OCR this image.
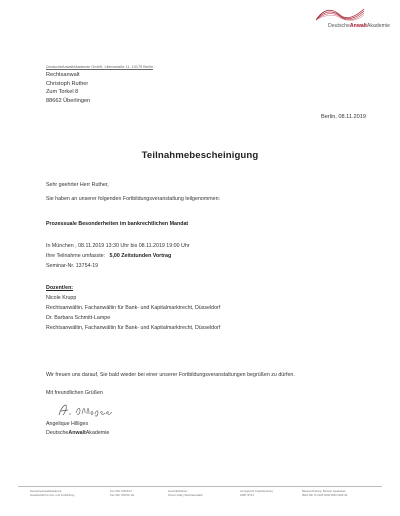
DeutscheAnwaltAkademie
DeutscheAnwaltAkademie GmbH, Littenstraße 11, 10179 Berlin
Rechtsanwalt
Christoph Ruther
Zum Torkel 8
88662 Überlingen
Berlin, 08.11.2019
Teilnahmebescheinigung
Sehr geehrter Herr Ruther,
Sie haben an unserer folgenden Fortbildungsveranstaltung teilgenommen:
Prozessuale Besonderheiten im bankrechtlichen Mandat
In München , 08.11.2019 13:30 Uhr bis 08.11.2019 19:00 Uhr
Ihre Teilnahme umfasste: 5,00 Zeitstunden Vortrag
Seminar-Nr. 13754-19
Dozent/en:
Nicole Krupp
Rechtsanwältin, Fachanwältin für Bank- und Kapitalmarktrecht, Düsseldorf
Dr. Barbara Schmitt-Lampe
Rechtsanwältin, Fachanwältin für Bank- und Kapitalmarktrecht, Düsseldorf
Wir freuen uns darauf, Sie bald wieder bei einer unserer Fortbildungsveranstaltungen begrüßen zu dürfen.
Mit freundlichen Grüßen
Angelique Hilliges
DeutscheAnwaltAkademie
DeutscheAnwaltAkademie
Gesellschaft für Aus- und Fortbildung
Fon 030 726153-0
Fax 030 726153-111
Geschäftsführer:
Kirsten Hüby, Rechtsanwältin
Amtsgericht Charlottenburg
HRB 79713
Bankverbindung: Berliner Sparkasse
IBAN DE 70 1005 0000 0660 0008 49
